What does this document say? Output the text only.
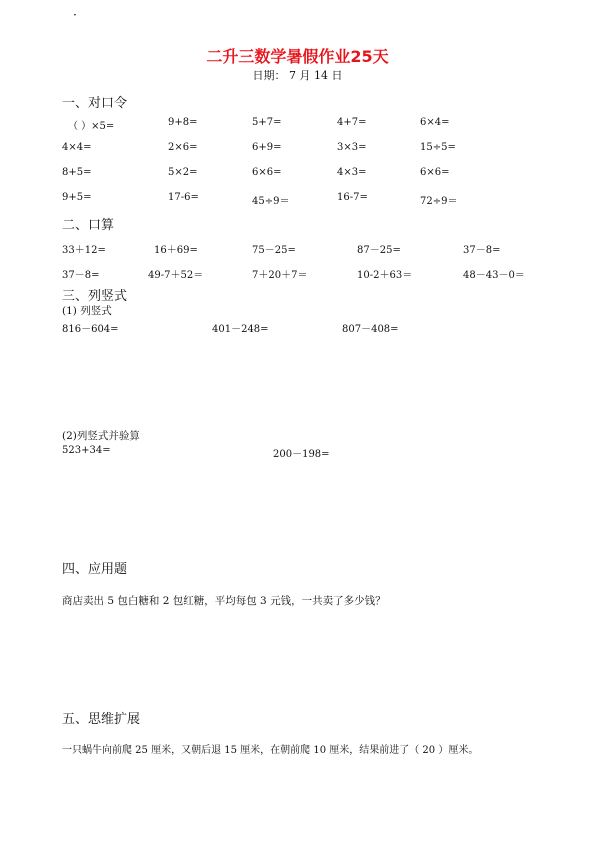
·
二升三数学暑假作业25天
日期： 7 月 14 日
一、对口令
（ ）×5=	9+8=	5+7=	4+7=	6×4=
4×4=	2×6=	6+9=	3×3=	15÷5=
8+5=	5×2=	6×6=	4×3=	6×6=
9+5=	17-6=	45÷9＝	16-7=	72÷9＝
二、口算
33＋12=	16＋69=	75－25=	87－25=	37－8=
37－8=	49-7＋52＝	7＋20＋7＝	10-2＋63＝	48－43－0＝
三、列竖式
(1) 列竖式
816－604=	401－248=	807－408=
(2)列竖式并验算
523+34=	200－198=
四、应用题
商店卖出 5 包白糖和 2 包红糖，平均每包 3 元钱，一共卖了多少钱？
五、思维扩展
一只蜗牛向前爬 25 厘米，又朝后退 15 厘米，在朝前爬 10 厘米，结果前进了（ 20 ）厘米。
